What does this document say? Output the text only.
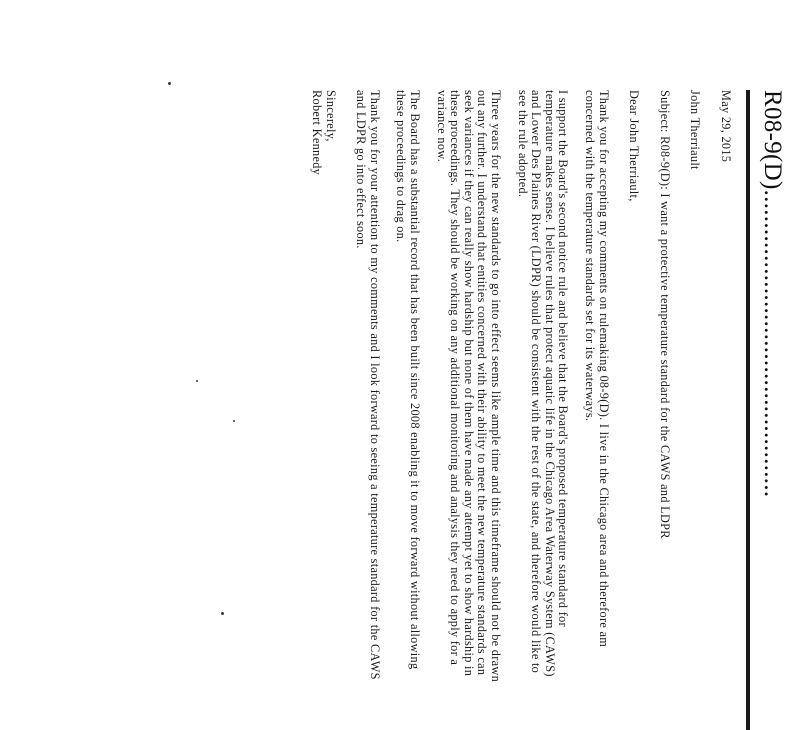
R08-9(D)...............................................

May 29, 2015

John Therriault

Subject: R08-9(D): I want a protective temperature standard for the CAWS and LDPR

Dear John Therriault,

Thank you for accepting my comments on rulemaking 08-9(D). I live in the Chicago area and therefore am concerned with the temperature standards set for its waterways.

I support the Board's second notice rule and believe that the Board's proposed temperature standard for temperature makes sense. I believe rules that protect aquatic life in the Chicago Area Waterway System (CAWS) and Lower Des Plaines River (LDPR) should be consistent with the rest of the state, and therefore would like to see the rule adopted.

Three years for the new standards to go into effect seems like ample time and this timeframe should not be drawn out any further. I understand that entities concerned with their ability to meet the new temperature standards can seek variances if they can really show hardship but none of them have made any attempt yet to show hardship in these proceedings. They should be working on any additional monitoring and analysis they need to apply for a variance now.

The Board has a substantial record that has been built since 2008 enabling it to move forward without allowing these proceedings to drag on.

Thank you for your attention to my comments and I look forward to seeing a temperature standard for the CAWS and LDPR go into effect soon.

Sincerely,

Robert Kennedy
